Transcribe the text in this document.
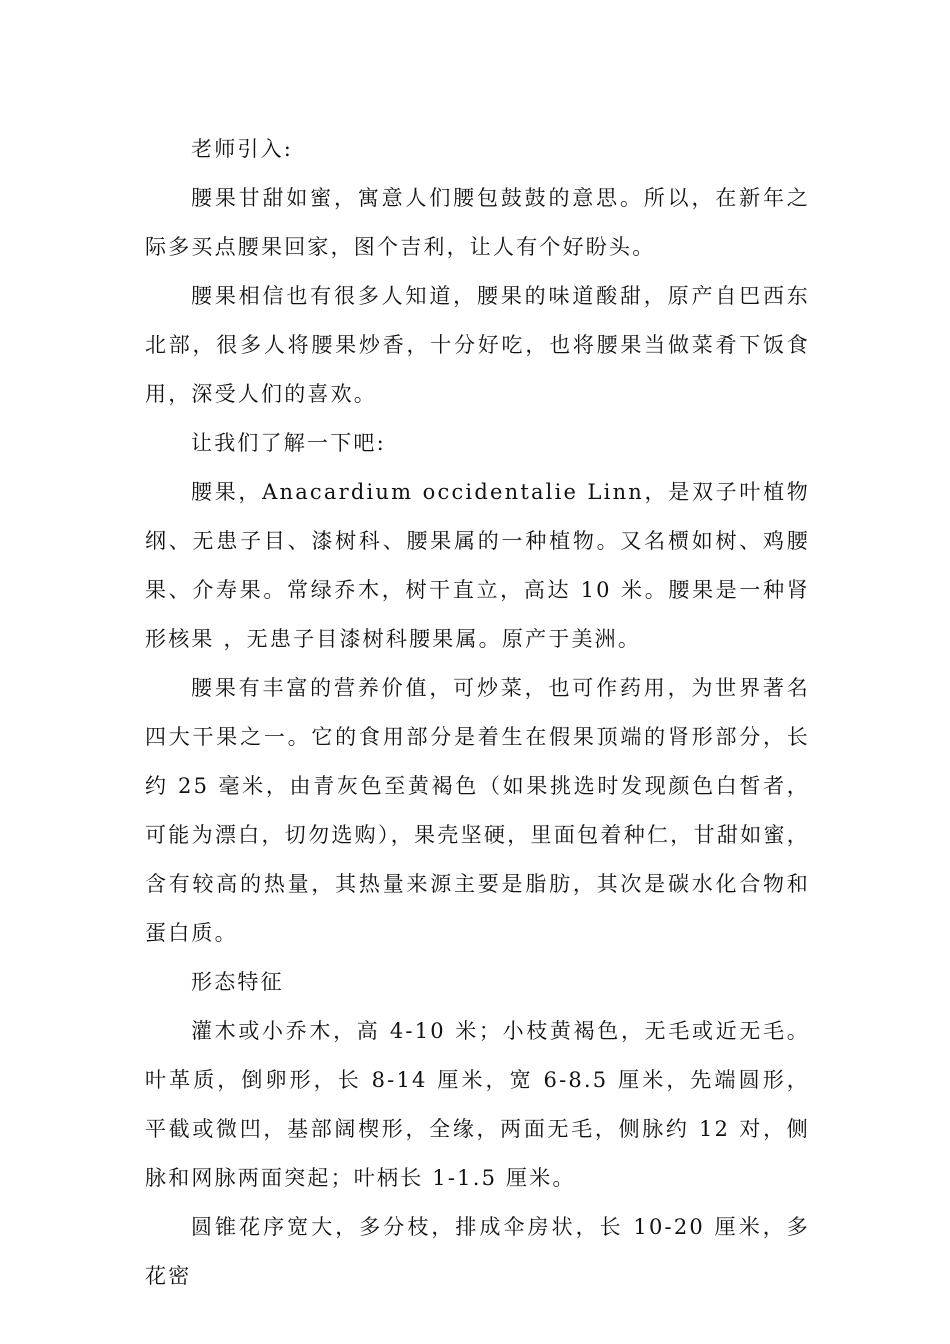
老师引入:

腰果甘甜如蜜，寓意人们腰包鼓鼓的意思。所以，在新年之际多买点腰果回家，图个吉利，让人有个好盼头。

腰果相信也有很多人知道，腰果的味道酸甜，原产自巴西东北部，很多人将腰果炒香，十分好吃，也将腰果当做菜肴下饭食用，深受人们的喜欢。

让我们了解一下吧:

腰果，Anacardium occidentalie Linn，是双子叶植物纲、无患子目、漆树科、腰果属的一种植物。又名槚如树、鸡腰果、介寿果。常绿乔木，树干直立，高达 10 米。腰果是一种肾形核果 ，无患子目漆树科腰果属。原产于美洲。

腰果有丰富的营养价值，可炒菜，也可作药用，为世界著名四大干果之一。它的食用部分是着生在假果顶端的肾形部分，长约 25 毫米，由青灰色至黄褐色（如果挑选时发现颜色白皙者，可能为漂白，切勿选购），果壳坚硬，里面包着种仁，甘甜如蜜，含有较高的热量，其热量来源主要是脂肪，其次是碳水化合物和蛋白质。

形态特征

灌木或小乔木，高 4-10 米；小枝黄褐色，无毛或近无毛。叶革质，倒卵形，长 8-14 厘米，宽 6-8.5 厘米，先端圆形，平截或微凹，基部阔楔形，全缘，两面无毛，侧脉约 12 对，侧脉和网脉两面突起；叶柄长 1-1.5 厘米。

圆锥花序宽大，多分枝，排成伞房状，长 10-20 厘米，多花密
